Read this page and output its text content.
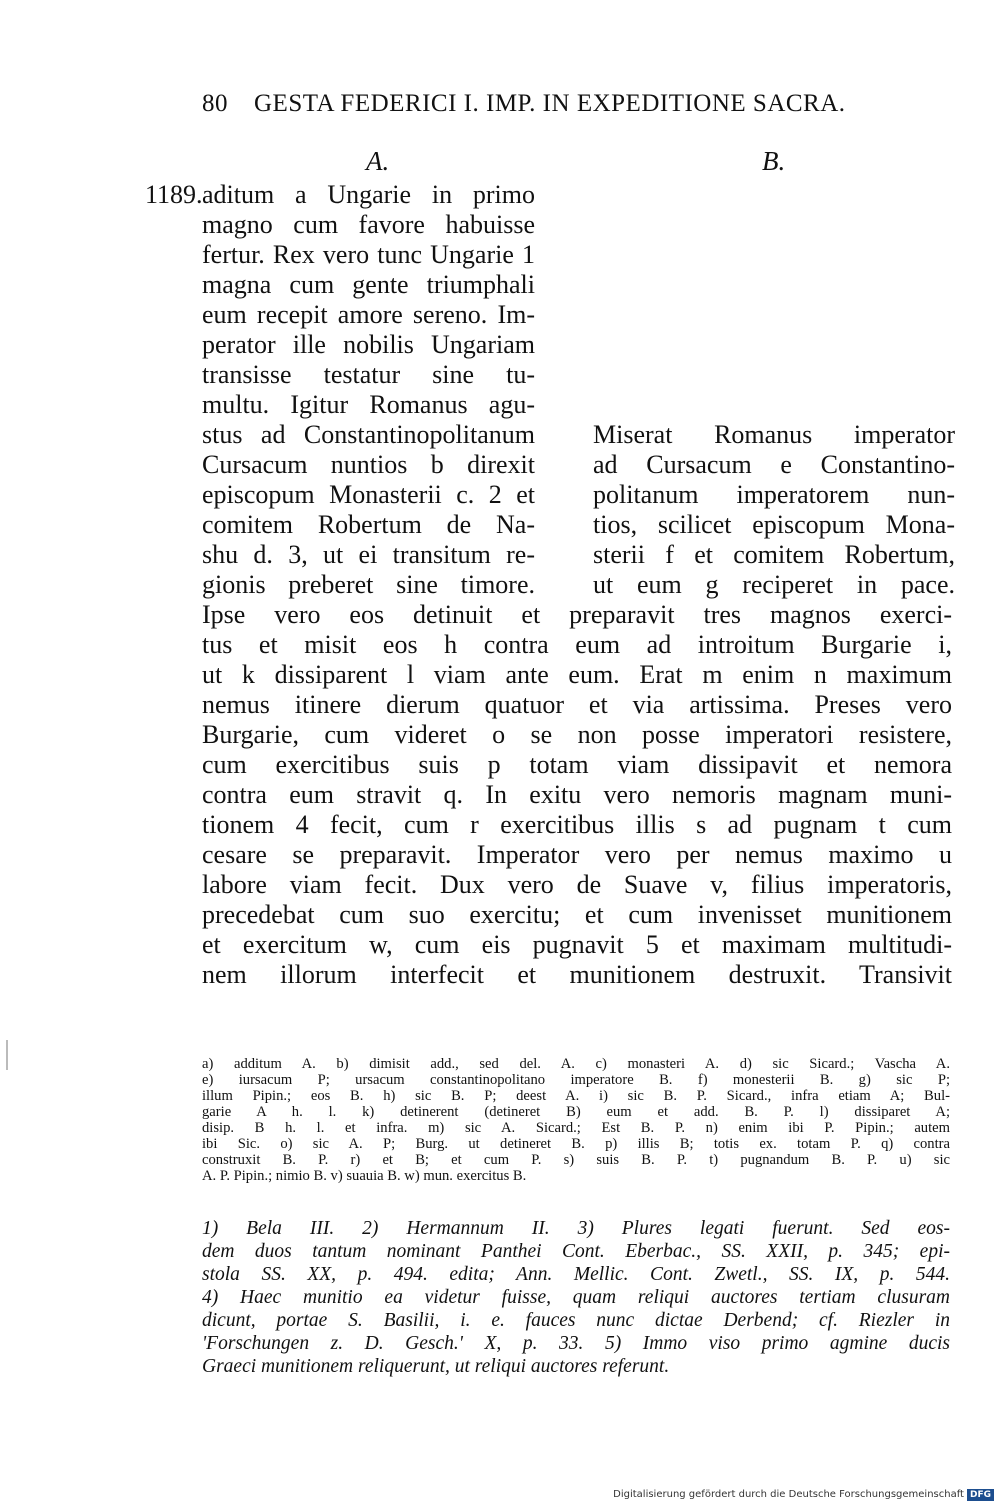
80 GESTA FEDERICI I. IMP. IN EXPEDITIONE SACRA.
A.	B.
1189. aditum a Ungarie in primo
magno cum favore habuisse
fertur. Rex vero tunc Ungarie 1
magna cum gente triumphali
eum recepit amore sereno. Im-
perator ille nobilis Ungariam
transisse testatur sine tu-
multu. Igitur Romanus agu-
stus ad Constantinopolitanum
Cursacum nuntios b direxit
episcopum Monasterii c. 2 et
comitem Robertum de Na-
shu d. 3, ut ei transitum re-
gionis preberet sine timore.
Miserat Romanus imperator
ad Cursacum e Constantino-
politanum imperatorem nun-
tios, scilicet episcopum Mona-
sterii f et comitem Robertum,
ut eum g reciperet in pace.
Ipse vero eos detinuit et preparavit tres magnos exerci-
tus et misit eos h contra eum ad introitum Burgarie i,
ut k dissiparent l viam ante eum. Erat m enim n maximum
nemus itinere dierum quatuor et via artissima. Preses vero
Burgarie, cum videret o se non posse imperatori resistere,
cum exercitibus suis p totam viam dissipavit et nemora
contra eum stravit q. In exitu vero nemoris magnam muni-
tionem 4 fecit, cum r exercitibus illis s ad pugnam t cum
cesare se preparavit. Imperator vero per nemus maximo u
labore viam fecit. Dux vero de Suave v, filius imperatoris,
precedebat cum suo exercitu; et cum invenisset munitionem
et exercitum w, cum eis pugnavit 5 et maximam multitudi-
nem illorum interfecit et munitionem destruxit. Transivit
a) additum A. b) dimisit add., sed del. A. c) monasteri A. d) sic Sicard.; Vascha A.
e) iursacum P; ursacum constantinopolitano imperatore B. f) monesterii B. g) sic P;
illum Pipin.; eos B. h) sic B. P; deest A. i) sic B. P. Sicard., infra etiam A; Bul-
garie A h. l. k) detinerent (detineret B) eum et add. B. P. l) dissiparet A;
disip. B h. l. et infra. m) sic A. Sicard.; Est B. P. n) enim ibi P. Pipin.; autem
ibi Sic. o) sic A. P; Burg. ut detineret B. p) illis B; totis ex. totam P. q) contra
construxit B. P. r) et B; et cum P. s) suis B. P. t) pugnandum B. P. u) sic
A. P. Pipin.; nimio B. v) suauia B. w) mun. exercitus B.
1) Bela III. 2) Hermannum II. 3) Plures legati fuerunt. Sed eos-
dem duos tantum nominant Panthei Cont. Eberbac., SS. XXII, p. 345; epi-
stola SS. XX, p. 494. edita; Ann. Mellic. Cont. Zwetl., SS. IX, p. 544.
4) Haec munitio ea videtur fuisse, quam reliqui auctores tertiam clusuram
dicunt, portae S. Basilii, i. e. fauces nunc dictae Derbend; cf. Riezler in
'Forschungen z. D. Gesch.' X, p. 33. 5) Immo viso primo agmine ducis
Graeci munitionem reliquerunt, ut reliqui auctores referunt.
Digitalisierung gefördert durch die Deutsche Forschungsgemeinschaft DFG
